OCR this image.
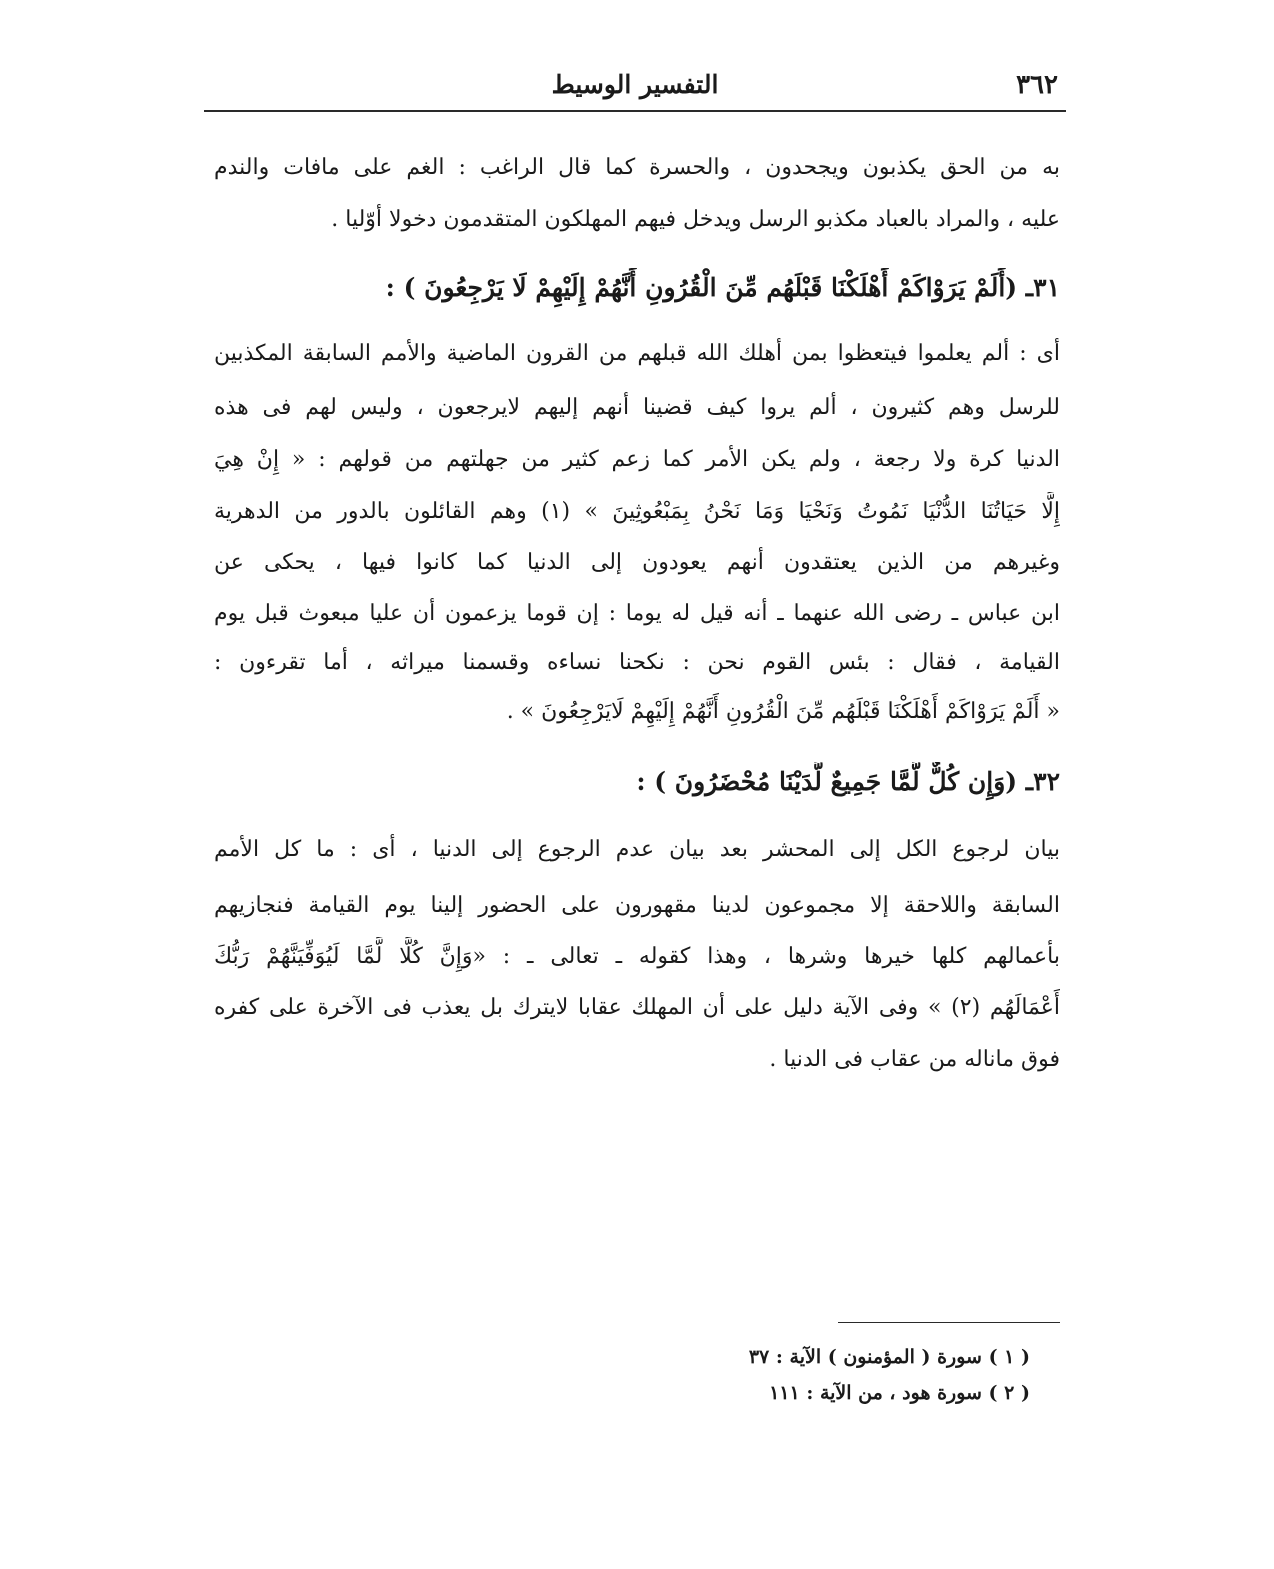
٣٦٢
التفسير الوسيط
به من الحق يكذبون ويجحدون ، والحسرة كما قال الراغب : الغم على مافات والندم
عليه ، والمراد بالعباد مكذبو الرسل ويدخل فيهم المهلكون المتقدمون دخولا أوّليا .
٣١ـ (أَلَمْ يَرَوْاكَمْ أَهْلَكْنَا قَبْلَهُم مِّنَ الْقُرُونِ أَنَّهُمْ إِلَيْهِمْ لَا يَرْجِعُونَ ) :
أى : ألم يعلموا فيتعظوا بمن أهلك الله قبلهم من القرون الماضية والأمم السابقة المكذبين
للرسل وهم كثيرون ، ألم يروا كيف قضينا أنهم إليهم لايرجعون ، وليس لهم فى هذه
الدنيا كرة ولا رجعة ، ولم يكن الأمر كما زعم كثير من جهلتهم من قولهم : « إِنْ هِيَ
إِلَّا حَيَاتُنَا الدُّنْيَا نَمُوتُ وَنَحْيَا وَمَا نَحْنُ بِمَبْعُوثِينَ » (١) وهم القائلون بالدور من الدهرية
وغيرهم من الذين يعتقدون أنهم يعودون إلى الدنيا كما كانوا فيها ، يحكى عن
ابن عباس ـ رضى الله عنهما ـ أنه قيل له يوما : إن قوما يزعمون أن عليا مبعوث قبل يوم
القيامة ، فقال : بئس القوم نحن : نكحنا نساءه وقسمنا ميراثه ، أما تقرءون :
« أَلَمْ يَرَوْاكَمْ أَهْلَكْنَا قَبْلَهُم مِّنَ الْقُرُونِ أَنَّهُمْ إِلَيْهِمْ لَايَرْجِعُونَ » .
٣٢ـ (وَإِن كُلٌّ لَّمَّا جَمِيعٌ لَّدَيْنَا مُحْضَرُونَ ) :
بيان لرجوع الكل إلى المحشر بعد بيان عدم الرجوع إلى الدنيا ، أى : ما كل الأمم
السابقة واللاحقة إلا مجموعون لدينا مقهورون على الحضور إلينا يوم القيامة فنجازيهم
بأعمالهم كلها خيرها وشرها ، وهذا كقوله ـ تعالى ـ : «وَإِنَّ كُلًّا لَّمَّا لَيُوَفِّيَنَّهُمْ رَبُّكَ
أَعْمَالَهُم (٢) » وفى الآية دليل على أن المهلك عقابا لايترك بل يعذب فى الآخرة على كفره
فوق ماناله من عقاب فى الدنيا .
( ١ ) سورة ( المؤمنون ) الآية : ٣٧
( ٢ ) سورة هود ، من الآية : ١١١
